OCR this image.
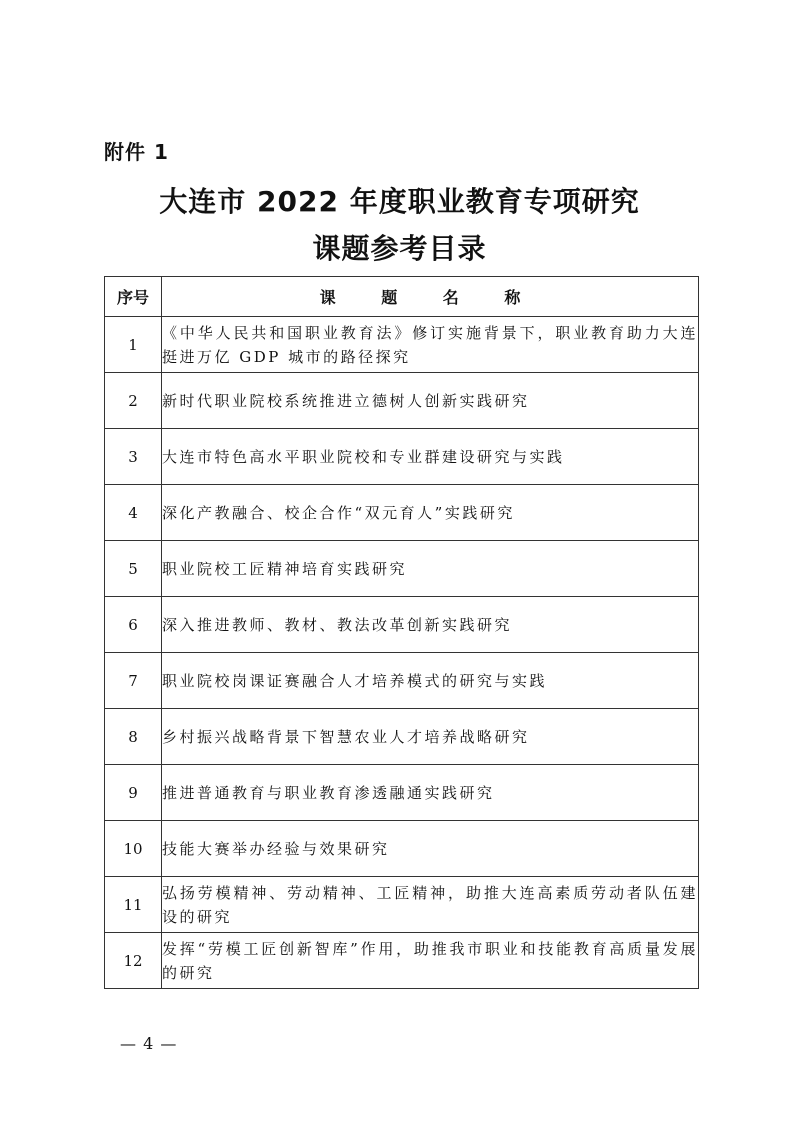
附件 1
大连市 2022 年度职业教育专项研究
课题参考目录
序号	课 题 名 称
1	《中华人民共和国职业教育法》修订实施背景下，职业教育助力大连挺进万亿 GDP 城市的路径探究
2	新时代职业院校系统推进立德树人创新实践研究
3	大连市特色高水平职业院校和专业群建设研究与实践
4	深化产教融合、校企合作“双元育人”实践研究
5	职业院校工匠精神培育实践研究
6	深入推进教师、教材、教法改革创新实践研究
7	职业院校岗课证赛融合人才培养模式的研究与实践
8	乡村振兴战略背景下智慧农业人才培养战略研究
9	推进普通教育与职业教育渗透融通实践研究
10	技能大赛举办经验与效果研究
11	弘扬劳模精神、劳动精神、工匠精神，助推大连高素质劳动者队伍建设的研究
12	发挥“劳模工匠创新智库”作用，助推我市职业和技能教育高质量发展的研究
— 4 —
